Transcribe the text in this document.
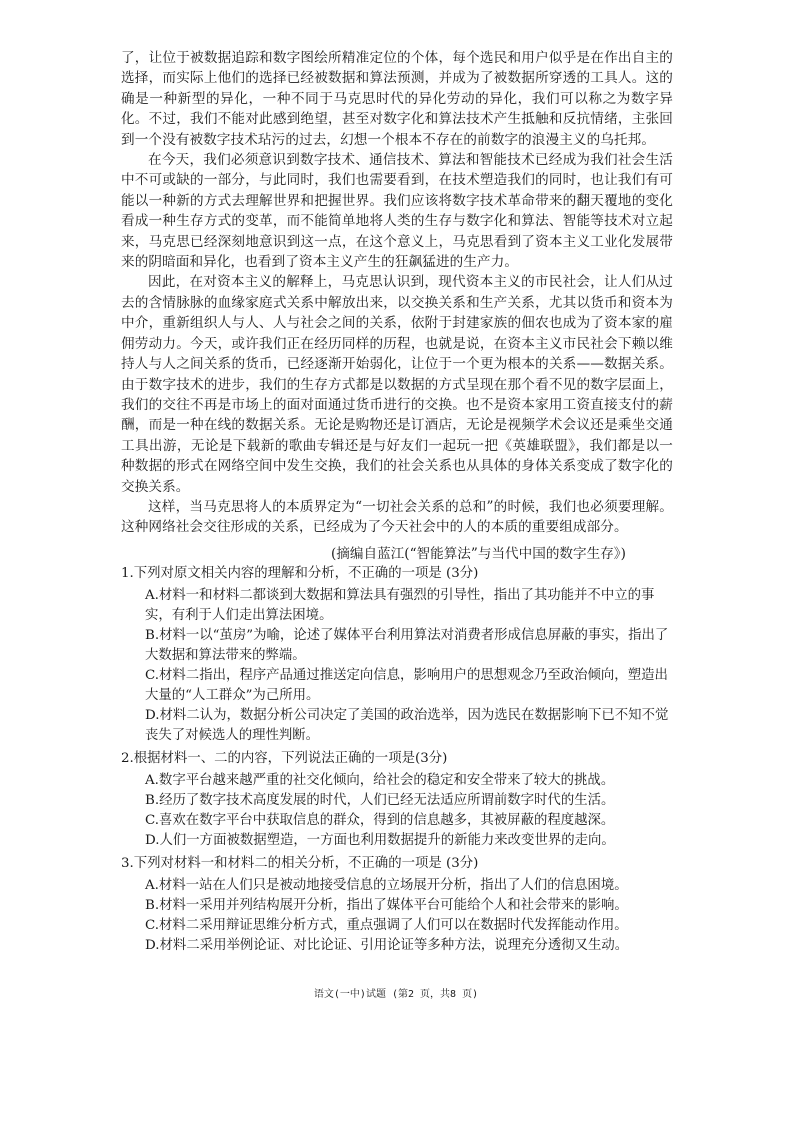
了，让位于被数据追踪和数字图绘所精准定位的个体，每个选民和用户似乎是在作出自主的选择，而实际上他们的选择已经被数据和算法预测，并成为了被数据所穿透的工具人。这的确是一种新型的异化，一种不同于马克思时代的异化劳动的异化，我们可以称之为数字异化。不过，我们不能对此感到绝望，甚至对数字化和算法技术产生抵触和反抗情绪，主张回到一个没有被数字技术玷污的过去，幻想一个根本不存在的前数字的浪漫主义的乌托邦。

在今天，我们必须意识到数字技术、通信技术、算法和智能技术已经成为我们社会生活中不可或缺的一部分，与此同时，我们也需要看到，在技术塑造我们的同时，也让我们有可能以一种新的方式去理解世界和把握世界。我们应该将数字技术革命带来的翻天覆地的变化看成一种生存方式的变革，而不能简单地将人类的生存与数字化和算法、智能等技术对立起来，马克思已经深刻地意识到这一点，在这个意义上，马克思看到了资本主义工业化发展带来的阴暗面和异化，也看到了资本主义产生的狂飙猛进的生产力。

因此，在对资本主义的解释上，马克思认识到，现代资本主义的市民社会，让人们从过去的含情脉脉的血缘家庭式关系中解放出来，以交换关系和生产关系，尤其以货币和资本为中介，重新组织人与人、人与社会之间的关系，依附于封建家族的佃农也成为了资本家的雇佣劳动力。今天，或许我们正在经历同样的历程，也就是说，在资本主义市民社会下赖以维持人与人之间关系的货币，已经逐渐开始弱化，让位于一个更为根本的关系——数据关系。由于数字技术的进步，我们的生存方式都是以数据的方式呈现在那个看不见的数字层面上，我们的交往不再是市场上的面对面通过货币进行的交换。也不是资本家用工资直接支付的薪酬，而是一种在线的数据关系。无论是购物还是订酒店，无论是视频学术会议还是乘坐交通工具出游，无论是下载新的歌曲专辑还是与好友们一起玩一把《英雄联盟》，我们都是以一种数据的形式在网络空间中发生交换，我们的社会关系也从具体的身体关系变成了数字化的交换关系。

这样，当马克思将人的本质界定为“一切社会关系的总和”的时候，我们也必须要理解。这种网络社会交往形成的关系，已经成为了今天社会中的人的本质的重要组成部分。

(摘编自蓝江(“智能算法”与当代中国的数字生存》)

1.下列对原文相关内容的理解和分析，不正确的一项是 (3分)

A.材料一和材料二都谈到大数据和算法具有强烈的引导性，指出了其功能并不中立的事实，有利于人们走出算法困境。

B.材料一以“茧房”为喻，论述了媒体平台利用算法对消费者形成信息屏蔽的事实，指出了大数据和算法带来的弊端。

C.材料二指出，程序产品通过推送定向信息，影响用户的思想观念乃至政治倾向，塑造出大量的“人工群众”为己所用。

D.材料二认为，数据分析公司决定了美国的政治选举，因为选民在数据影响下已不知不觉丧失了对候选人的理性判断。

2.根据材料一、二的内容，下列说法正确的一项是(3分)

A.数字平台越来越严重的社交化倾向，给社会的稳定和安全带来了较大的挑战。

B.经历了数字技术高度发展的时代，人们已经无法适应所谓前数字时代的生活。

C.喜欢在数字平台中获取信息的群众，得到的信息越多，其被屏蔽的程度越深。

D.人们一方面被数据塑造，一方面也利用数据提升的新能力来改变世界的走向。

3.下列对材料一和材料二的相关分析，不正确的一项是 (3分)

A.材料一站在人们只是被动地接受信息的立场展开分析，指出了人们的信息困境。

B.材料一采用并列结构展开分析，指出了媒体平台可能给个人和社会带来的影响。

C.材料二采用辩证思维分析方式，重点强调了人们可以在数据时代发挥能动作用。

D.材料二采用举例论证、对比论证、引用论证等多种方法，说理充分透彻又生动。

语文(一中)试题 (第2 页，共8 页)
